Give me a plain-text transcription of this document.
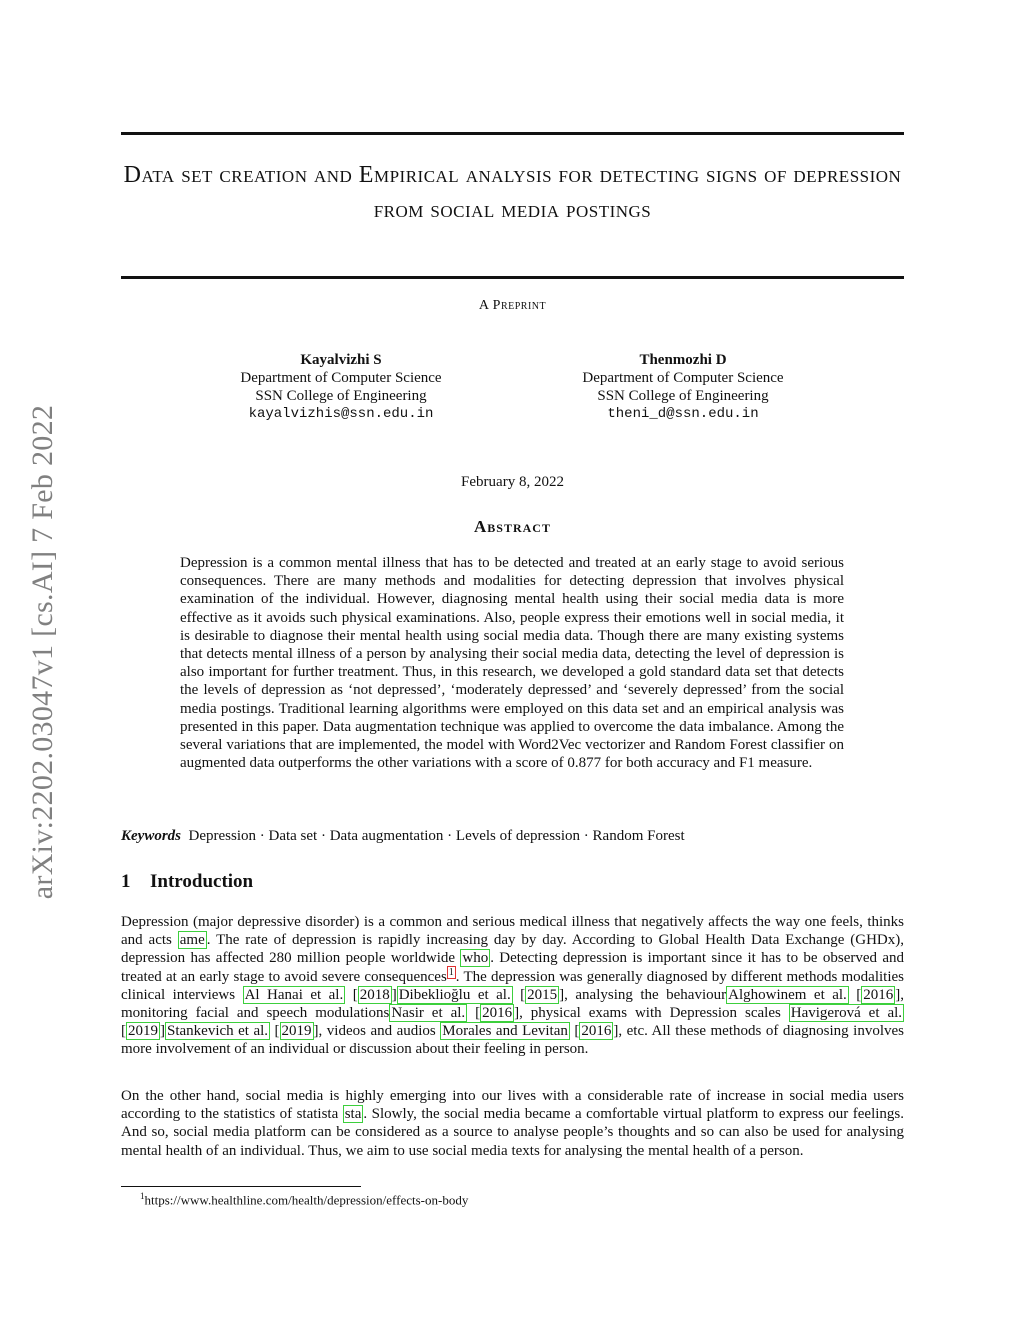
Data set creation and Empirical analysis for detecting signs of depression from social media postings
A Preprint
Kayalvizhi S
Department of Computer Science
SSN College of Engineering
kayalvizhis@ssn.edu.in
Thenmozhi D
Department of Computer Science
SSN College of Engineering
theni_d@ssn.edu.in
February 8, 2022
Abstract
Depression is a common mental illness that has to be detected and treated at an early stage to avoid serious consequences. There are many methods and modalities for detecting depression that involves physical examination of the individual. However, diagnosing mental health using their social media data is more effective as it avoids such physical examinations. Also, people express their emotions well in social media, it is desirable to diagnose their mental health using social media data. Though there are many existing systems that detects mental illness of a person by analysing their social media data, detecting the level of depression is also important for further treatment. Thus, in this research, we developed a gold standard data set that detects the levels of depression as ‘not depressed’, ‘moderately depressed’ and ‘severely depressed’ from the social media postings. Traditional learning algorithms were employed on this data set and an empirical analysis was presented in this paper. Data augmentation technique was applied to overcome the data imbalance. Among the several variations that are implemented, the model with Word2Vec vectorizer and Random Forest classifier on augmented data outperforms the other variations with a score of 0.877 for both accuracy and F1 measure.
Keywords Depression · Data set · Data augmentation · Levels of depression · Random Forest
1 Introduction
Depression (major depressive disorder) is a common and serious medical illness that negatively affects the way one feels, thinks and acts ame . The rate of depression is rapidly increasing day by day. According to Global Health Data Exchange (GHDx), depression has affected 280 million people worldwide who . Detecting depression is important since it has to be observed and treated at an early stage to avoid severe consequences $^1$ . The depression was generally diagnosed by different methods modalities clinical interviews Al Hanai et al. [ 2018 ] Dibeklioğlu et al. [ 2015 ], analysing the behaviour Alghowinem et al. [ 2016 ], monitoring facial and speech modulations Nasir et al. [ 2016 ], physical exams with Depression scales Havigerová et al. [ 2019 ] Stankevich et al. [ 2019 ], videos and audios Morales and Levitan [ 2016 ], etc. All these methods of diagnosing involves more involvement of an individual or discussion about their feeling in person.
On the other hand, social media is highly emerging into our lives with a considerable rate of increase in social media users according to the statistics of statista sta . Slowly, the social media became a comfortable virtual platform to express our feelings. And so, social media platform can be considered as a source to analyse people’s thoughts and so can also be used for analysing mental health of an individual. Thus, we aim to use social media texts for analysing the mental health of a person.
$^1$https://www.healthline.com/health/depression/effects-on-body
arXiv:2202.03047v1 [cs.AI] 7 Feb 2022
